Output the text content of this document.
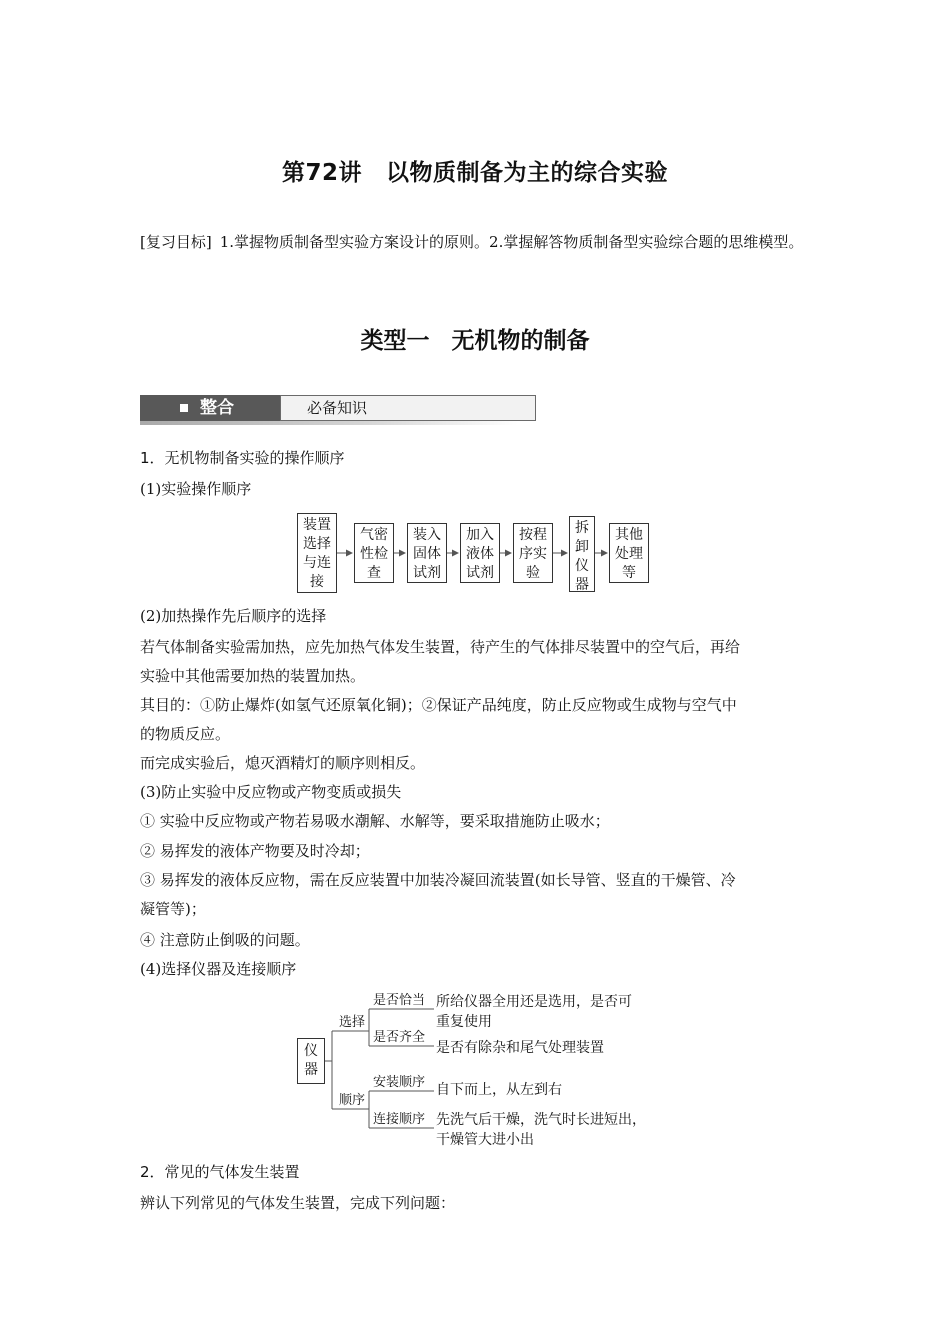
第72讲 以物质制备为主的综合实验
[复习目标] 1.掌握物质制备型实验方案设计的原则。2.掌握解答物质制备型实验综合题的思维模型。
类型一 无机物的制备
整合	必备知识
1．无机物制备实验的操作顺序
(1)实验操作顺序
装置
选择
与连
接
气密
性检
查
装入
固体
试剂
加入
液体
试剂
按程
序实
验
拆
卸
仪
器
其他
处理
等
(2)加热操作先后顺序的选择
若气体制备实验需加热，应先加热气体发生装置，待产生的气体排尽装置中的空气后，再给
实验中其他需要加热的装置加热。
其目的：①防止爆炸(如氢气还原氧化铜)；②保证产品纯度，防止反应物或生成物与空气中
的物质反应。
而完成实验后，熄灭酒精灯的顺序则相反。
(3)防止实验中反应物或产物变质或损失
① 实验中反应物或产物若易吸水潮解、水解等，要采取措施防止吸水；
② 易挥发的液体产物要及时冷却；
③ 易挥发的液体反应物，需在反应装置中加装冷凝回流装置(如长导管、竖直的干燥管、冷
凝管等)；
④ 注意防止倒吸的问题。
(4)选择仪器及连接顺序
仪器
选择
顺序
是否恰当
是否齐全
安装顺序
连接顺序
所给仪器全用还是选用，是否可
重复使用
是否有除杂和尾气处理装置
自下而上，从左到右
先洗气后干燥，洗气时长进短出，
干燥管大进小出
2．常见的气体发生装置
辨认下列常见的气体发生装置，完成下列问题：
